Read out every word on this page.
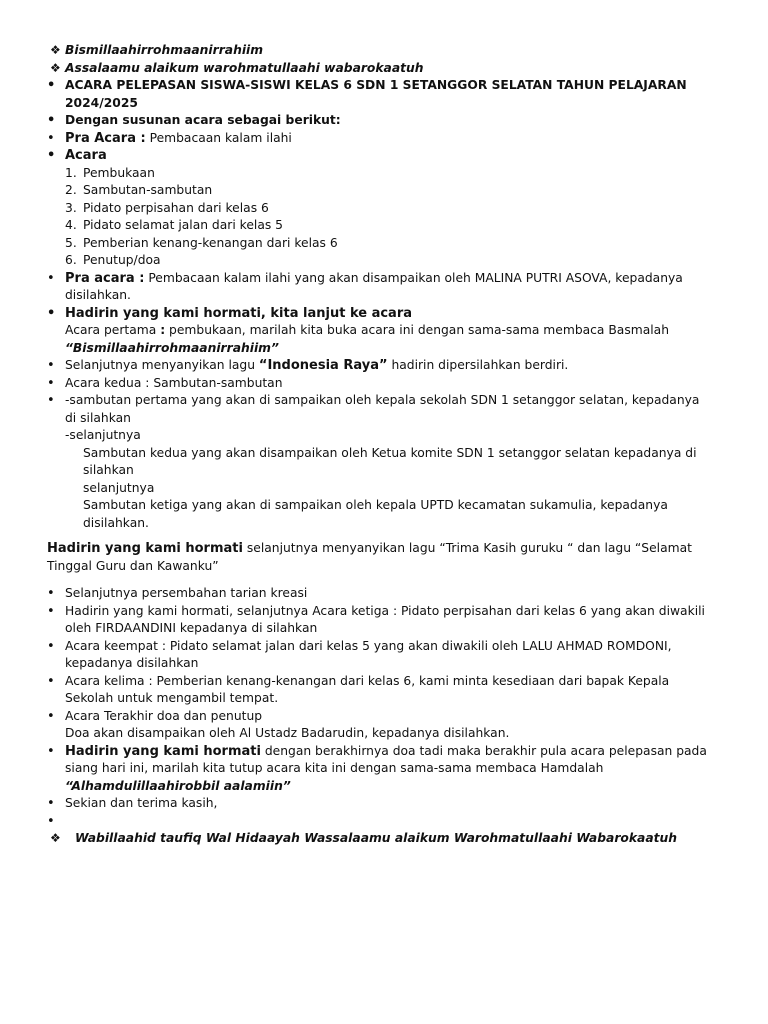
❖ Bismillaahirrohmaanirrahiim
❖ Assalaamu alaikum warohmatullaahi wabarokaatuh
• ACARA PELEPASAN SISWA-SISWI KELAS 6 SDN 1 SETANGGOR SELATAN TAHUN PELAJARAN 2024/2025
• Dengan susunan acara sebagai berikut:
• Pra Acara : Pembacaan kalam ilahi
• Acara
1. Pembukaan
2. Sambutan-sambutan
3. Pidato perpisahan dari kelas 6
4. Pidato selamat jalan dari kelas 5
5. Pemberian kenang-kenangan dari kelas 6
6. Penutup/doa
• Pra acara : Pembacaan kalam ilahi yang akan disampaikan oleh MALINA PUTRI ASOVA, kepadanya disilahkan.
• Hadirin yang kami hormati, kita lanjut ke acara
Acara pertama : pembukaan, marilah kita buka acara ini dengan sama-sama membaca Basmalah
“Bismillaahirrohmaanirrahiim”
• Selanjutnya menyanyikan lagu “Indonesia Raya” hadirin dipersilahkan berdiri.
• Acara kedua : Sambutan-sambutan
• -sambutan pertama yang akan di sampaikan oleh kepala sekolah SDN 1 setanggor selatan, kepadanya di silahkan
-selanjutnya
Sambutan kedua yang akan disampaikan oleh Ketua komite SDN 1 setanggor selatan kepadanya di silahkan
selanjutnya
Sambutan ketiga yang akan di sampaikan oleh kepala UPTD kecamatan sukamulia, kepadanya disilahkan.
Hadirin yang kami hormati selanjutnya menyanyikan lagu “Trima Kasih guruku “ dan lagu “Selamat Tinggal Guru dan Kawanku”
• Selanjutnya persembahan tarian kreasi
• Hadirin yang kami hormati, selanjutnya Acara ketiga : Pidato perpisahan dari kelas 6 yang akan diwakili oleh FIRDAANDINI kepadanya di silahkan
• Acara keempat : Pidato selamat jalan dari kelas 5 yang akan diwakili oleh LALU AHMAD ROMDONI, kepadanya disilahkan
• Acara kelima : Pemberian kenang-kenangan dari kelas 6, kami minta kesediaan dari bapak Kepala Sekolah untuk mengambil tempat.
• Acara Terakhir doa dan penutup
Doa akan disampaikan oleh Al Ustadz Badarudin, kepadanya disilahkan.
• Hadirin yang kami hormati dengan berakhirnya doa tadi maka berakhir pula acara pelepasan pada siang hari ini, marilah kita tutup acara kita ini dengan sama-sama membaca Hamdalah
“Alhamdulillaahirobbil aalamiin”
• Sekian dan terima kasih,
•

❖ Wabillaahid taufiq Wal Hidaayah Wassalaamu alaikum Warohmatullaahi Wabarokaatuh
